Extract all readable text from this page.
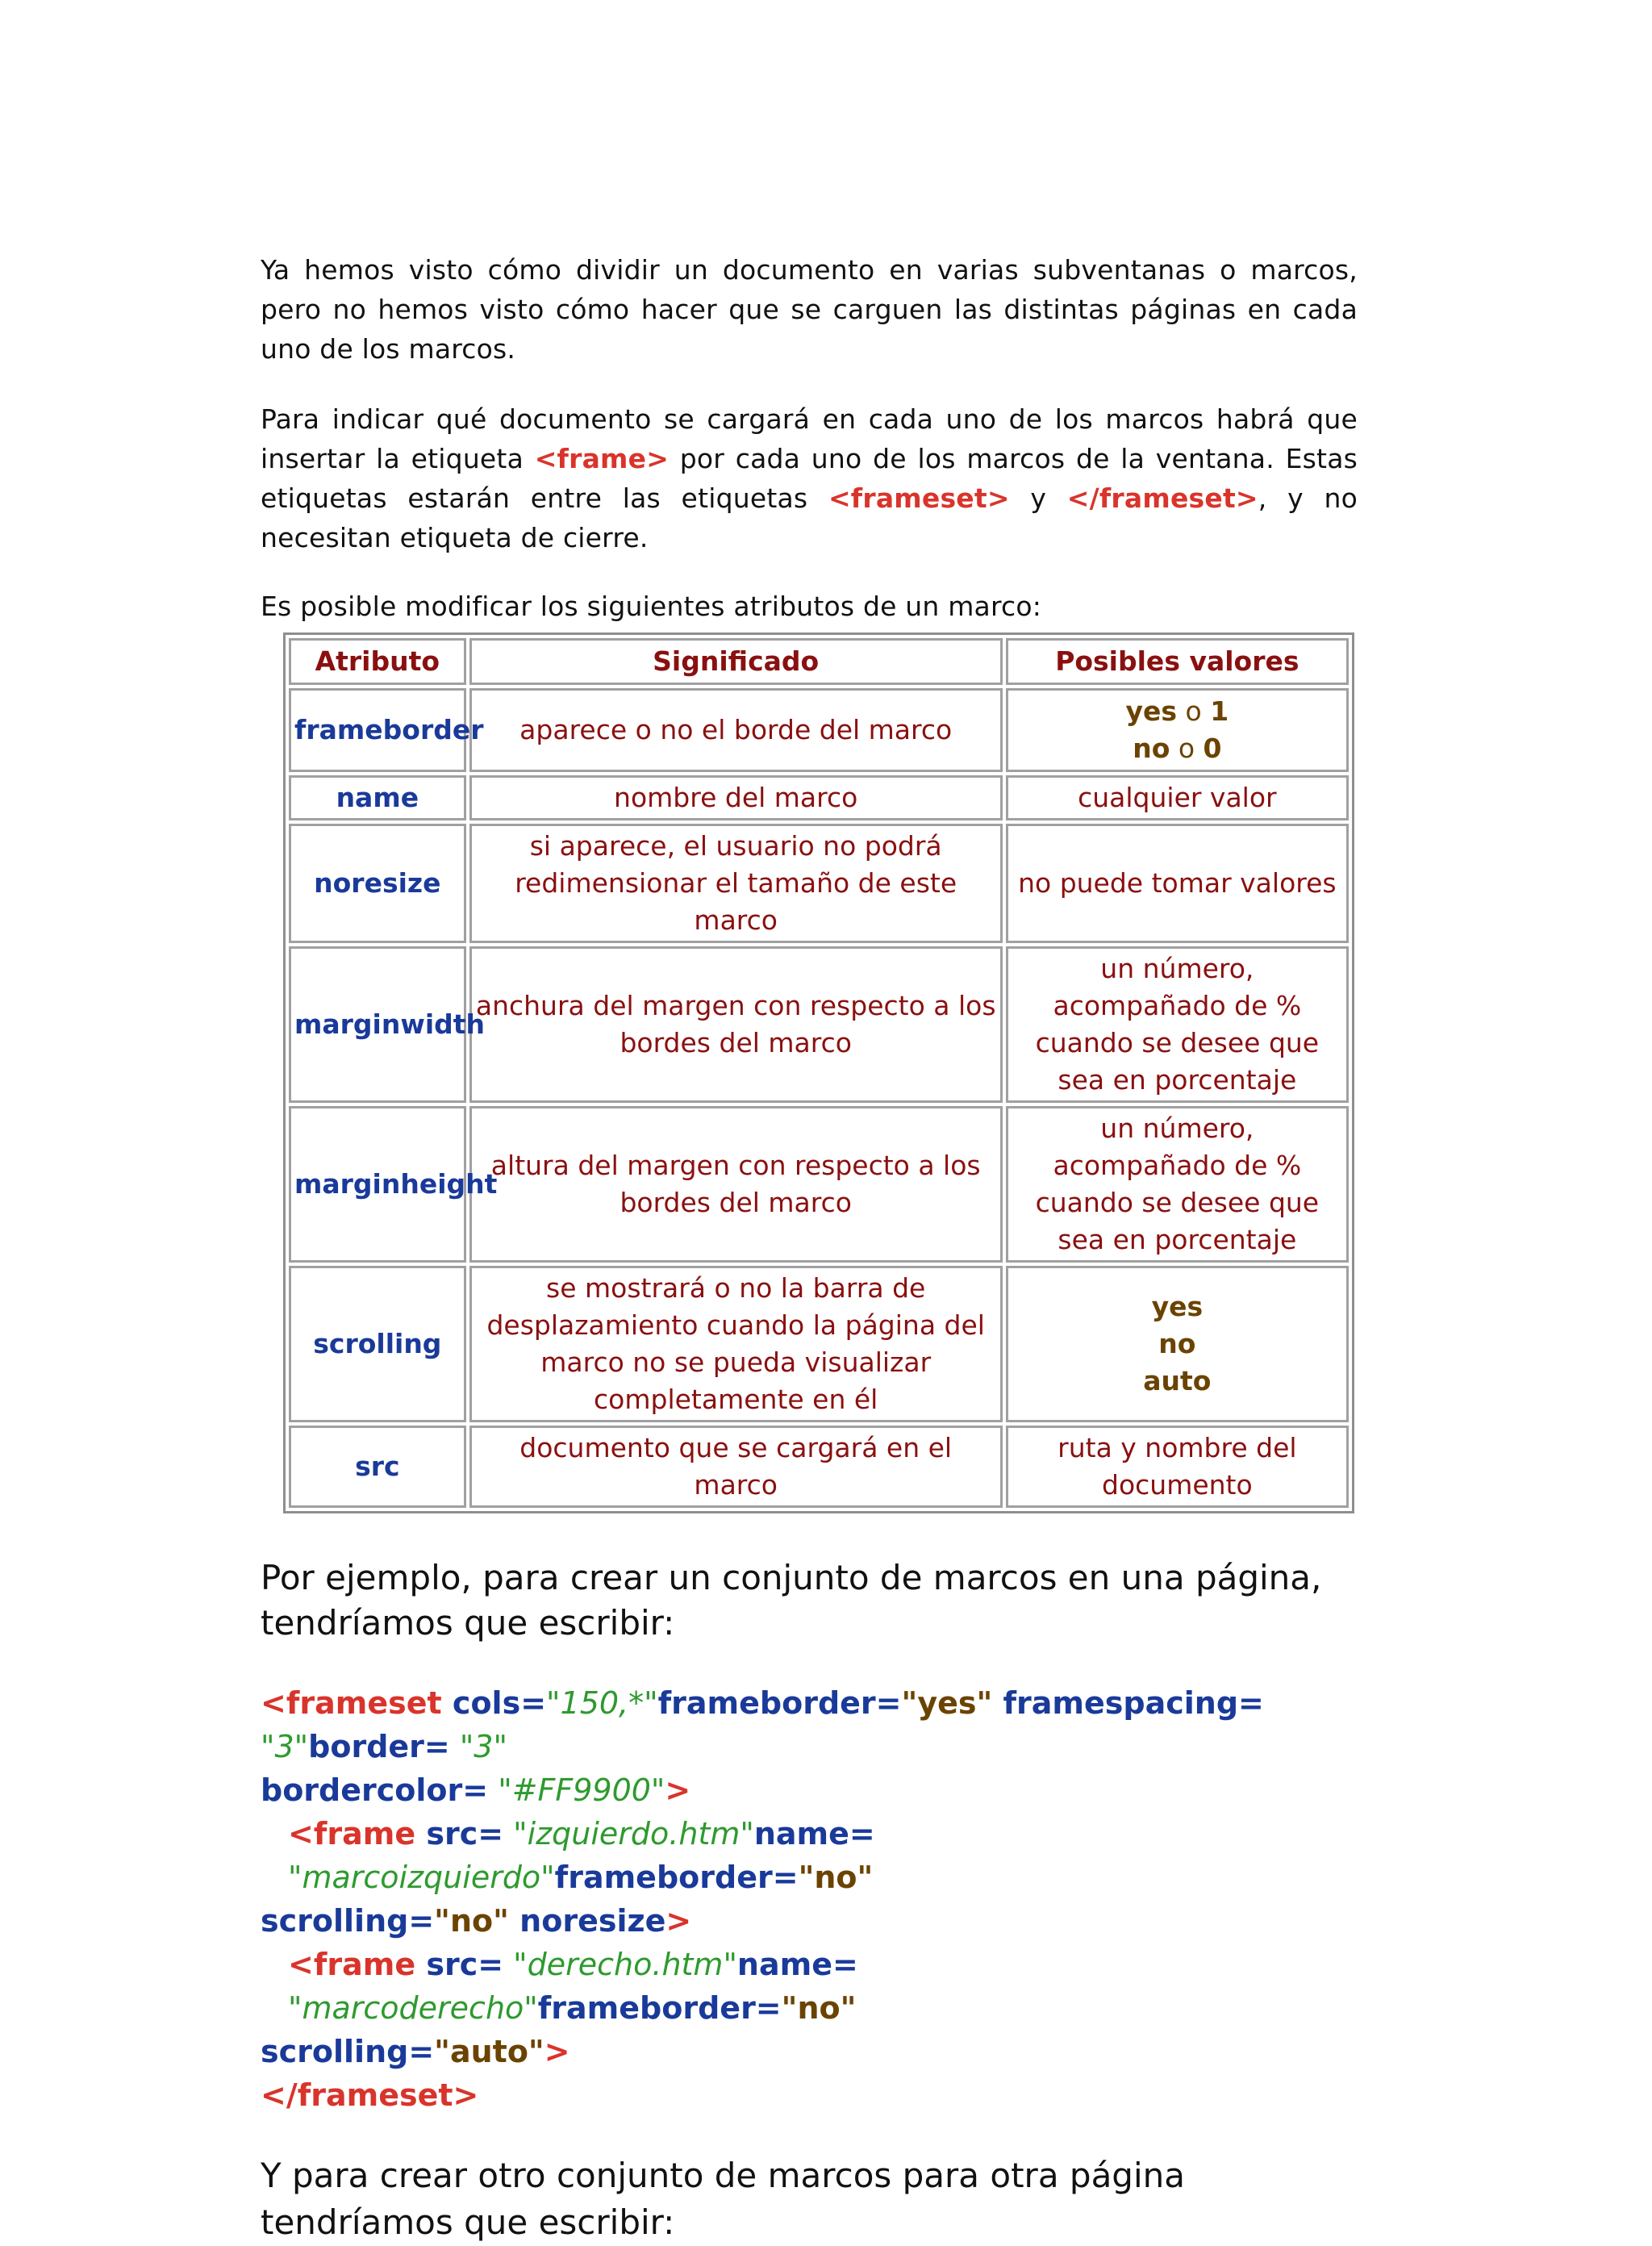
Ya hemos visto cómo dividir un documento en varias subventanas o marcos, pero no hemos visto cómo hacer que se carguen las distintas páginas en cada uno de los marcos.

Para indicar qué documento se cargará en cada uno de los marcos habrá que insertar la etiqueta <frame> por cada uno de los marcos de la ventana. Estas etiquetas estarán entre las etiquetas <frameset> y </frameset>, y no necesitan etiqueta de cierre.

Es posible modificar los siguientes atributos de un marco:

Atributo	Significado	Posibles valores
frameborder	aparece o no el borde del marco	yes o 1
no o 0
name	nombre del marco	cualquier valor
noresize	si aparece, el usuario no podrá redimensionar el tamaño de este marco	no puede tomar valores
marginwidth	anchura del margen con respecto a los bordes del marco	un número, acompañado de % cuando se desee que sea en porcentaje
marginheight	altura del margen con respecto a los bordes del marco	un número, acompañado de % cuando se desee que sea en porcentaje
scrolling	se mostrará o no la barra de desplazamiento cuando la página del marco no se pueda visualizar completamente en él	yes
no
auto
src	documento que se cargará en el marco	ruta y nombre del documento

Por ejemplo, para crear un conjunto de marcos en una página, tendríamos que escribir:

<frameset cols="150,*"frameborder="yes" framespacing= "3"border= "3"
bordercolor= "#FF9900">
<frame src= "izquierdo.htm"name= "marcoizquierdo"frameborder="no"
scrolling="no" noresize>
<frame src= "derecho.htm"name= "marcoderecho"frameborder="no"
scrolling="auto">
</frameset>

Y para crear otro conjunto de marcos para otra página tendríamos que escribir:
